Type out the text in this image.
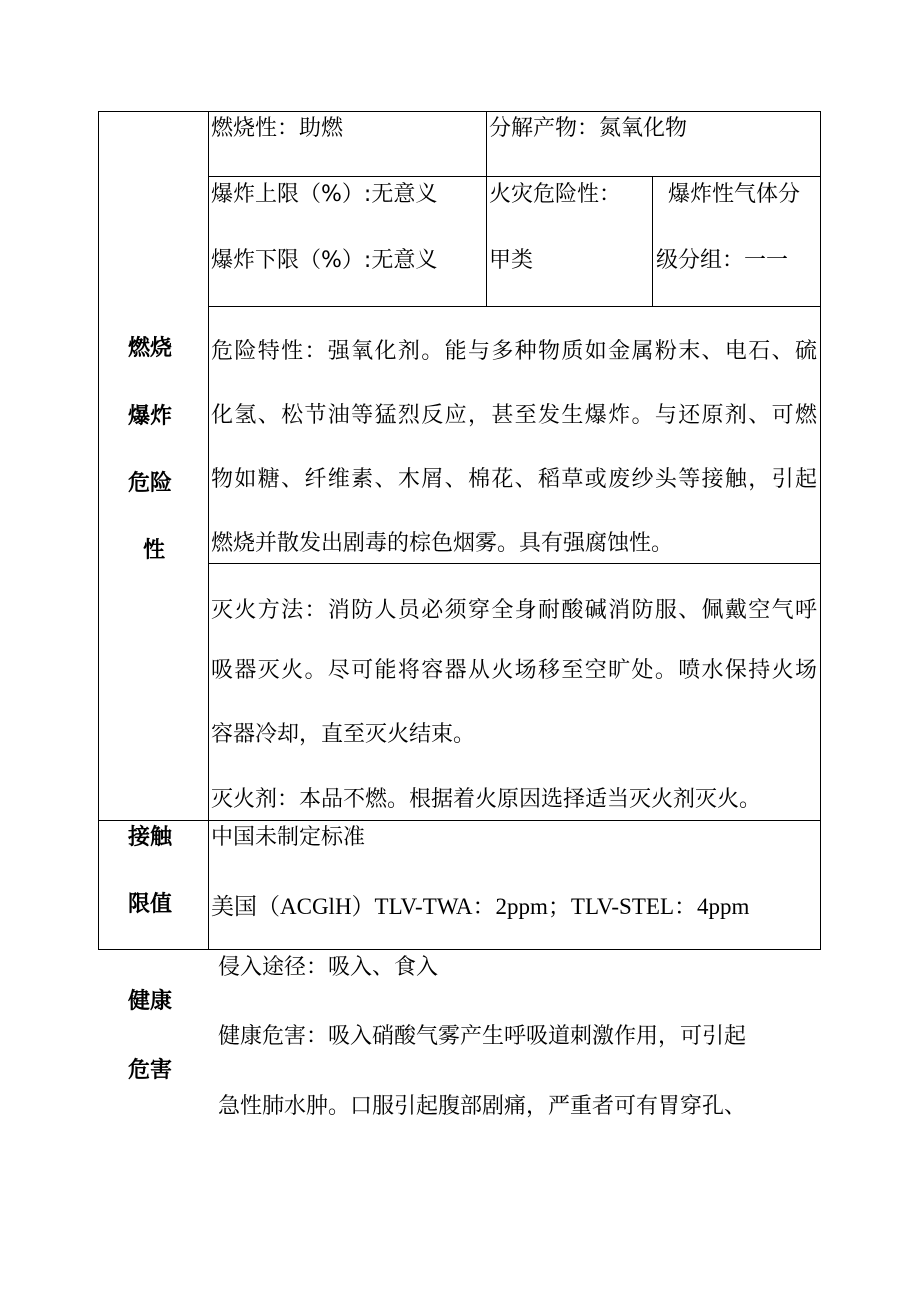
燃烧
爆炸
危险
性
燃烧性：助燃	分解产物：氮氧化物
爆炸上限（%）:无意义
爆炸下限（%）:无意义
火灾危险性：
甲类
爆炸性气体分
级分组：一一
危险特性：强氧化剂。能与多种物质如金属粉末、电石、硫
化氢、松节油等猛烈反应，甚至发生爆炸。与还原剂、可燃
物如糖、纤维素、木屑、棉花、稻草或废纱头等接触，引起
燃烧并散发出剧毒的棕色烟雾。具有强腐蚀性。
灭火方法：消防人员必须穿全身耐酸碱消防服、佩戴空气呼
吸器灭火。尽可能将容器从火场移至空旷处。喷水保持火场
容器冷却，直至灭火结束。
灭火剂：本品不燃。根据着火原因选择适当灭火剂灭火。
接触
限值
中国未制定标准
美国（ACGlH）TLV-TWA：2ppm；TLV-STEL：4ppm
健康
危害
侵入途径：吸入、食入
健康危害：吸入硝酸气雾产生呼吸道刺激作用，可引起
急性肺水肿。口服引起腹部剧痛，严重者可有胃穿孔、
